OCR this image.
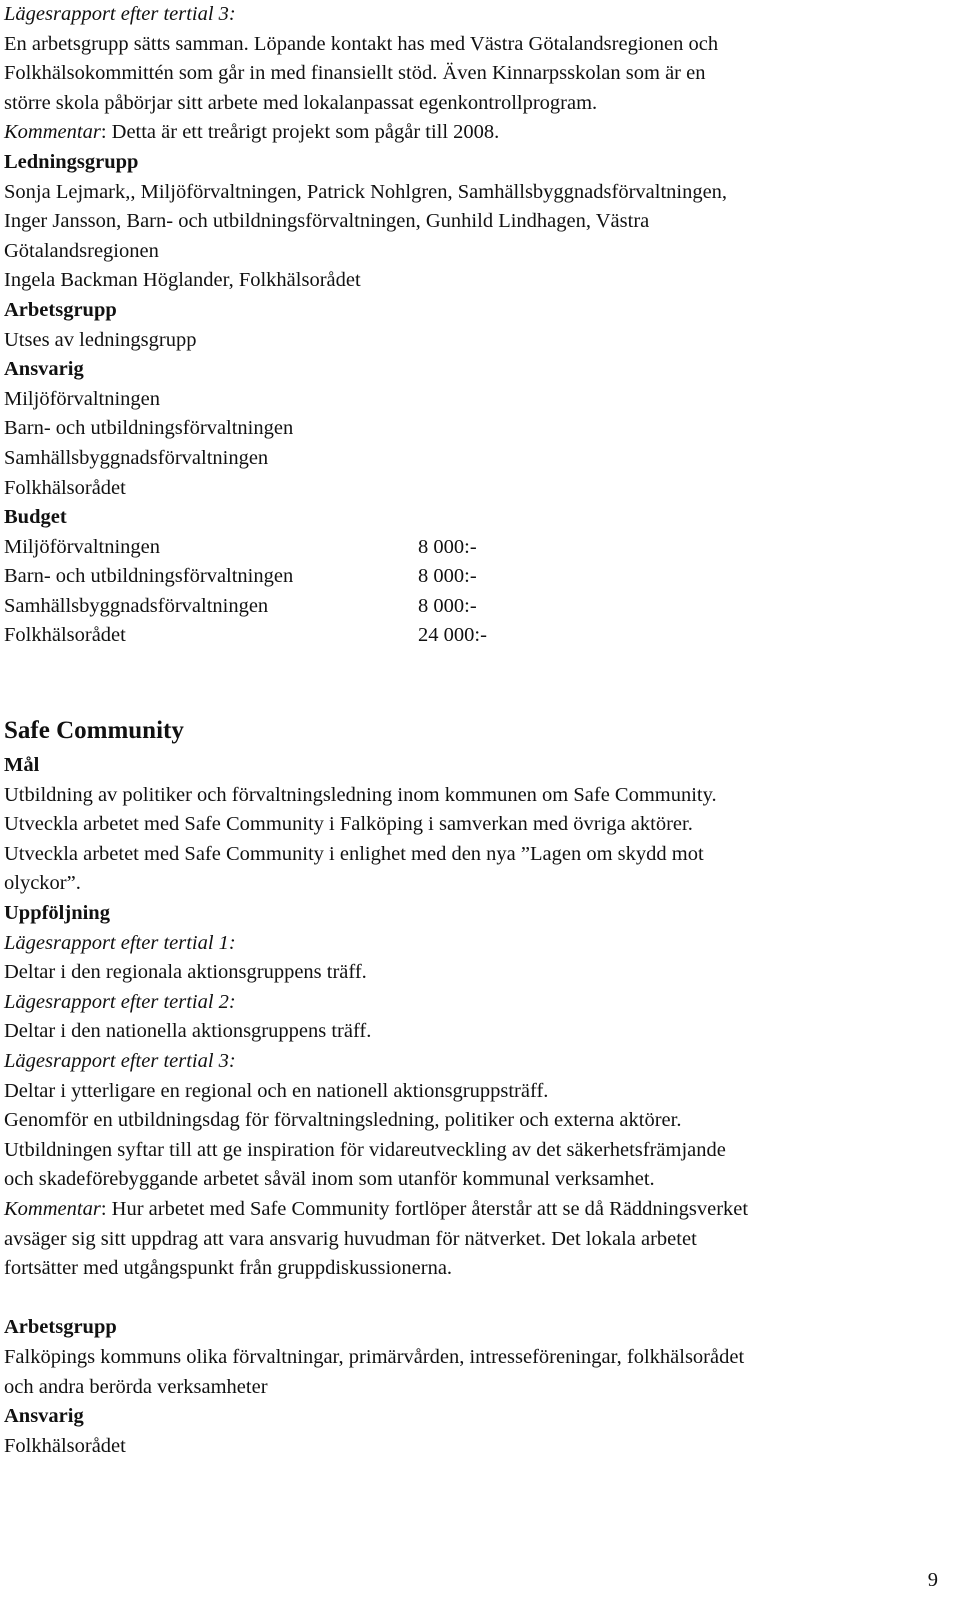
Lägesrapport efter tertial 3:
En arbetsgrupp sätts samman. Löpande kontakt has med Västra Götalandsregionen och
Folkhälsokommittén som går in med finansiellt stöd. Även Kinnarpsskolan som är en
större skola påbörjar sitt arbete med lokalanpassat egenkontrollprogram.
Kommentar: Detta är ett treårigt projekt som pågår till 2008.
Ledningsgrupp
Sonja Lejmark,, Miljöförvaltningen, Patrick Nohlgren, Samhällsbyggnadsförvaltningen,
Inger Jansson, Barn- och utbildningsförvaltningen, Gunhild Lindhagen, Västra
Götalandsregionen
Ingela Backman Höglander, Folkhälsorådet
Arbetsgrupp
Utses av ledningsgrupp
Ansvarig
Miljöförvaltningen
Barn- och utbildningsförvaltningen
Samhällsbyggnadsförvaltningen
Folkhälsorådet
Budget
Miljöförvaltningen	8 000:-
Barn- och utbildningsförvaltningen	8 000:-
Samhällsbyggnadsförvaltningen	8 000:-
Folkhälsorådet	24 000:-
Safe Community
Mål
Utbildning av politiker och förvaltningsledning inom kommunen om Safe Community.
Utveckla arbetet med Safe Community i Falköping i samverkan med övriga aktörer.
Utveckla arbetet med Safe Community i enlighet med den nya ”Lagen om skydd mot
olyckor”.
Uppföljning
Lägesrapport efter tertial 1:
Deltar i den regionala aktionsgruppens träff.
Lägesrapport efter tertial 2:
Deltar i den nationella aktionsgruppens träff.
Lägesrapport efter tertial 3:
Deltar i ytterligare en regional och en nationell aktionsgruppsträff.
Genomför en utbildningsdag för förvaltningsledning, politiker och externa aktörer.
Utbildningen syftar till att ge inspiration för vidareutveckling av det säkerhetsfrämjande
och skadeförebyggande arbetet såväl inom som utanför kommunal verksamhet.
Kommentar: Hur arbetet med Safe Community fortlöper återstår att se då Räddningsverket
avsäger sig sitt uppdrag att vara ansvarig huvudman för nätverket. Det lokala arbetet
fortsätter med utgångspunkt från gruppdiskussionerna.
Arbetsgrupp
Falköpings kommuns olika förvaltningar, primärvården, intresseföreningar, folkhälsorådet
och andra berörda verksamheter
Ansvarig
Folkhälsorådet
9
